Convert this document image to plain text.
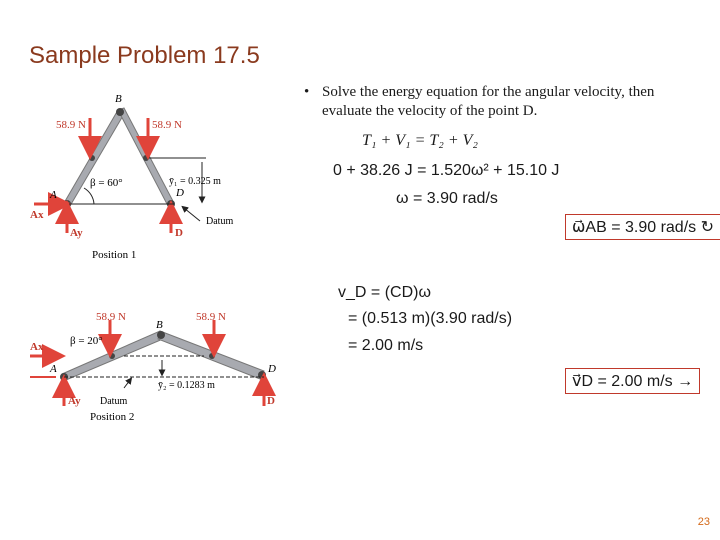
Sample Problem 17.5
• Solve the energy equation for the angular velocity, then evaluate the velocity of the point D.
T₁ + V₁ = T₂ + V₂
0 + 38.26 J = 1.520ω² + 15.10 J
ω = 3.90 rad/s
ω⃗AB = 3.90 rad/s ↻
v_D = (CD)ω
= (0.513 m)(3.90 rad/s)
= 2.00 m/s
v⃗D = 2.00 m/s →
23
58.9 N	58.9 N
B
A	D
Ax
Ay	D
β = 60°	ȳ₁ = 0.325 m
Datum
Position 1
58.9 N	58.9 N
B
A	D
Ax
Ay	D
β = 20°
ȳ₂ = 0.1283 m
Datum
Position 2
